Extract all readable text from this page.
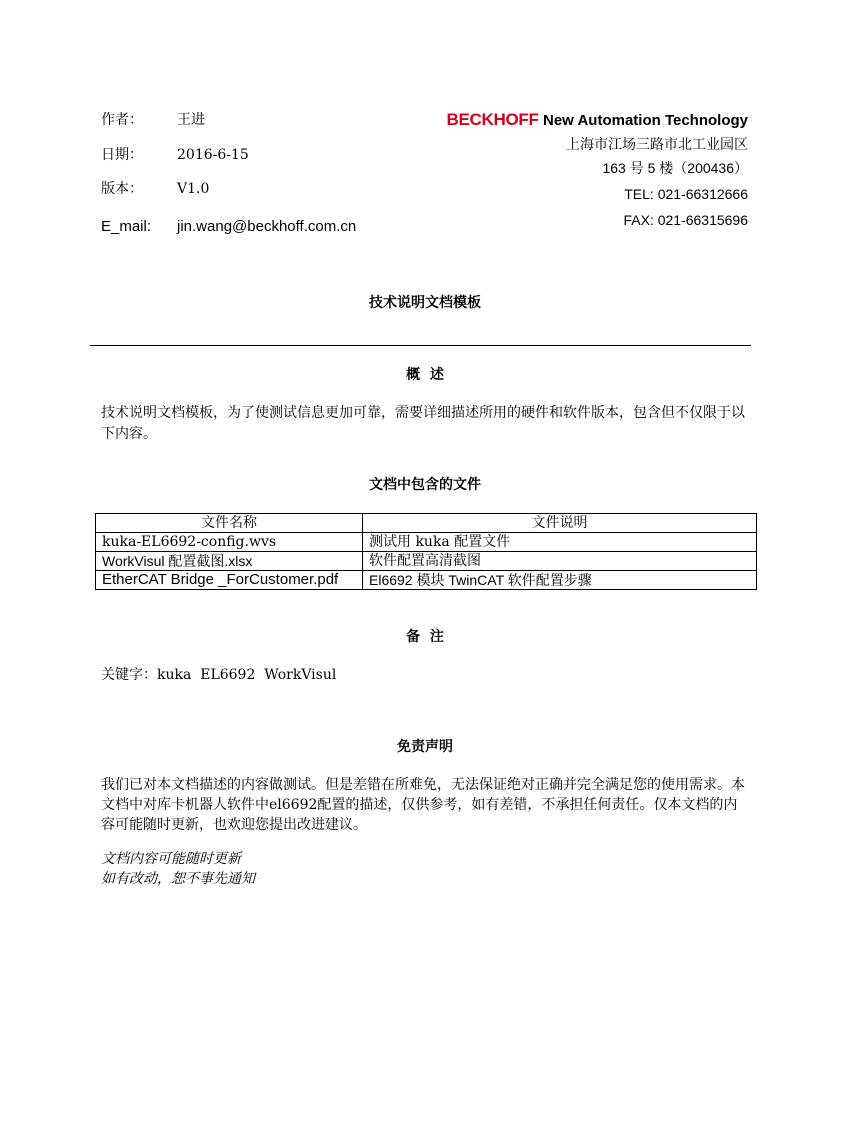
作者： 王进
日期： 2016-6-15
版本： V1.0
E_mail: jin.wang@beckhoff.com.cn
BECKHOFF New Automation Technology
上海市江场三路市北工业园区
163 号 5 楼（200436）
TEL: 021-66312666
FAX: 021-66315696
技术说明文档模板
概  述
技术说明文档模板，为了使测试信息更加可靠，需要详细描述所用的硬件和软件版本，包含但不仅限于以下内容。
文档中包含的文件
文件名称	文件说明
kuka-EL6692-config.wvs	测试用 kuka 配置文件
WorkVisul 配置截图.xlsx	软件配置高清截图
EtherCAT Bridge _ForCustomer.pdf	El6692 模块 TwinCAT 软件配置步骤
备  注
关键字：kuka  EL6692  WorkVisul
免责声明
我们已对本文档描述的内容做测试。但是差错在所难免，无法保证绝对正确并完全满足您的使用需求。本文档中对库卡机器人软件中el6692配置的描述，仅供参考，如有差错，不承担任何责任。仅本文档的内容可能随时更新，也欢迎您提出改进建议。
文档内容可能随时更新
如有改动，恕不事先通知
